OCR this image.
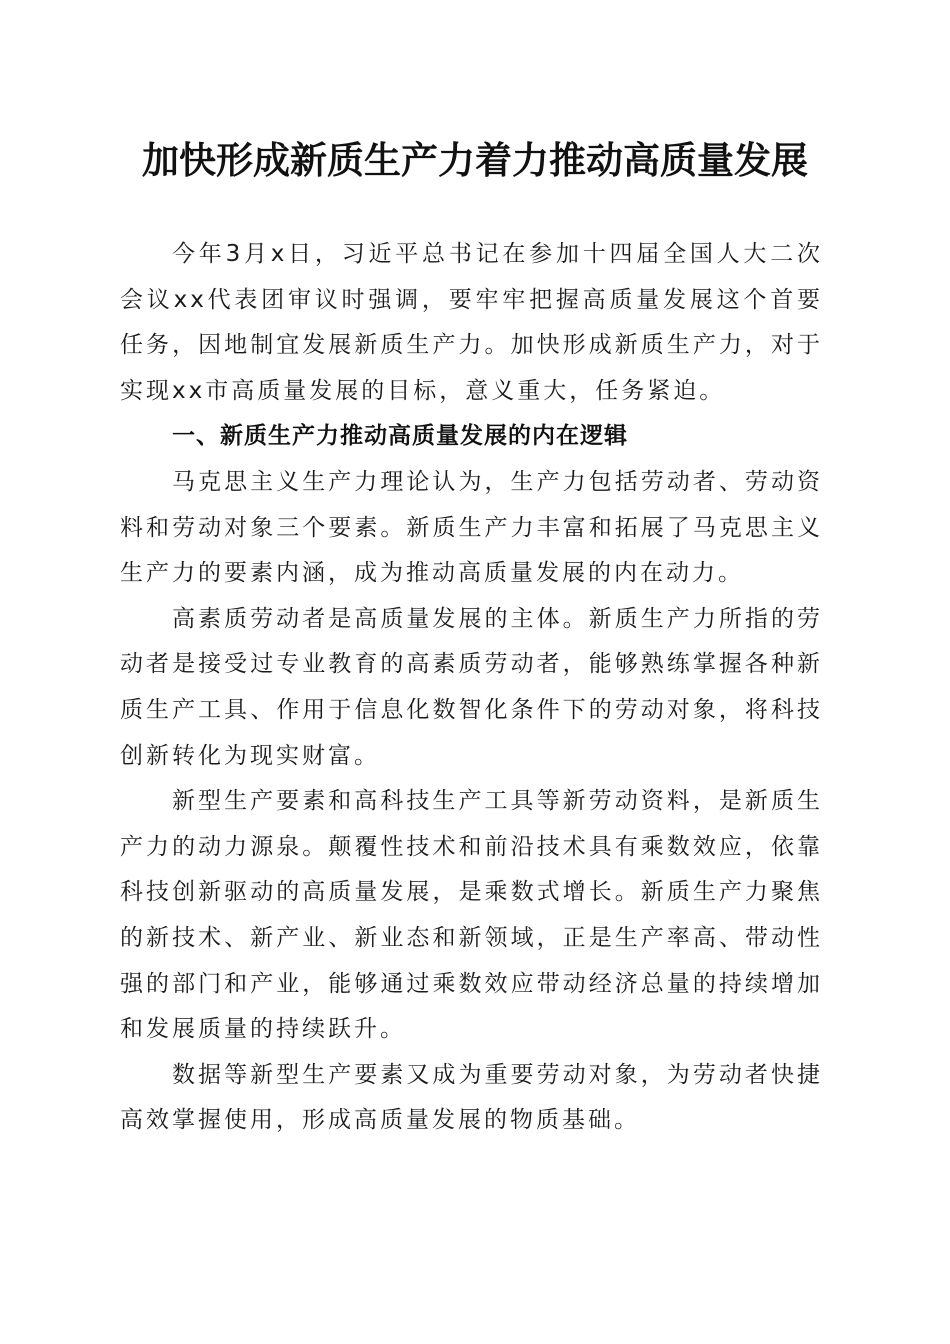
加快形成新质生产力着力推动高质量发展

今年3月x日，习近平总书记在参加十四届全国人大二次会议xx代表团审议时强调，要牢牢把握高质量发展这个首要任务，因地制宜发展新质生产力。加快形成新质生产力，对于实现xx市高质量发展的目标，意义重大，任务紧迫。

一、新质生产力推动高质量发展的内在逻辑

马克思主义生产力理论认为，生产力包括劳动者、劳动资料和劳动对象三个要素。新质生产力丰富和拓展了马克思主义生产力的要素内涵，成为推动高质量发展的内在动力。

高素质劳动者是高质量发展的主体。新质生产力所指的劳动者是接受过专业教育的高素质劳动者，能够熟练掌握各种新质生产工具、作用于信息化数智化条件下的劳动对象，将科技创新转化为现实财富。

新型生产要素和高科技生产工具等新劳动资料，是新质生产力的动力源泉。颠覆性技术和前沿技术具有乘数效应，依靠科技创新驱动的高质量发展，是乘数式增长。新质生产力聚焦的新技术、新产业、新业态和新领域，正是生产率高、带动性强的部门和产业，能够通过乘数效应带动经济总量的持续增加和发展质量的持续跃升。

数据等新型生产要素又成为重要劳动对象，为劳动者快捷高效掌握使用，形成高质量发展的物质基础。
